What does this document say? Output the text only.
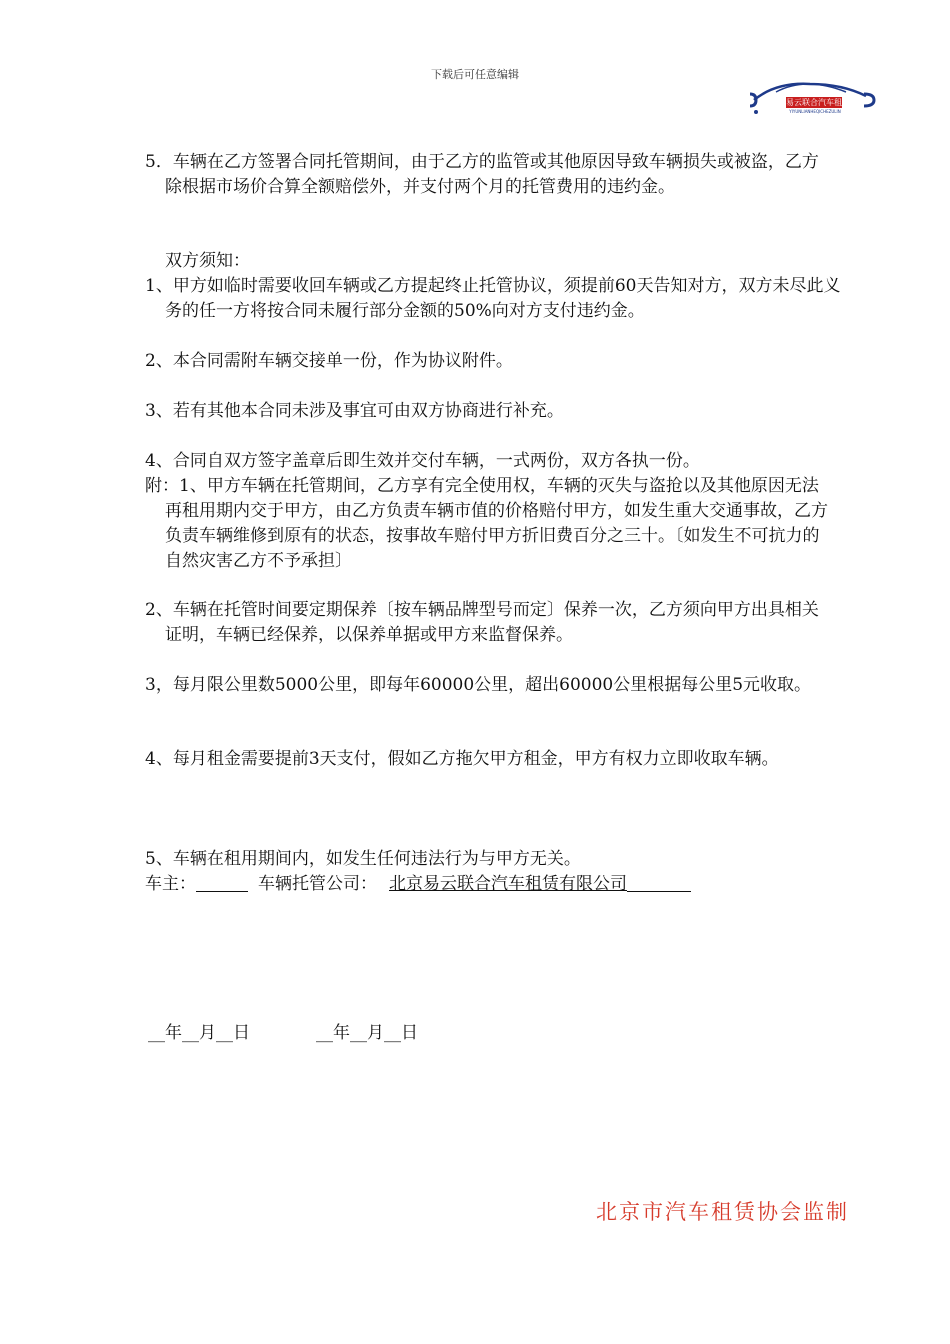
下载后可任意编辑
易云联合汽车租赁
YIYUNLIANHEQICHEZULIN
5．车辆在乙方签署合同托管期间，由于乙方的监管或其他原因导致车辆损失或被盗，乙方除根据市场价合算全额赔偿外，并支付两个月的托管费用的违约金。
双方须知：
1、甲方如临时需要收回车辆或乙方提起终止托管协议，须提前60天告知对方，双方未尽此义务的任一方将按合同未履行部分金额的50%向对方支付违约金。
2、本合同需附车辆交接单一份，作为协议附件。
3、若有其他本合同未涉及事宜可由双方协商进行补充。
4、合同自双方签字盖章后即生效并交付车辆，一式两份，双方各执一份。
附：1、甲方车辆在托管期间，乙方享有完全使用权，车辆的灭失与盗抢以及其他原因无法再租用期内交于甲方，由乙方负责车辆市值的价格赔付甲方，如发生重大交通事故，乙方负责车辆维修到原有的状态，按事故车赔付甲方折旧费百分之三十。〔如发生不可抗力的自然灾害乙方不予承担〕
2、车辆在托管时间要定期保养〔按车辆品牌型号而定〕保养一次，乙方须向甲方出具相关证明，车辆已经保养，以保养单据或甲方来监督保养。
3，每月限公里数5000公里，即每年60000公里，超出60000公里根据每公里5元收取。
4、每月租金需要提前3天支付，假如乙方拖欠甲方租金，甲方有权力立即收取车辆。
5、车辆在租用期间内，如发生任何违法行为与甲方无关。
车主：	车辆托管公司： 北京易云联合汽车租赁有限公司
__年__月__日	__年__月__日
北京市汽车租赁协会监制
